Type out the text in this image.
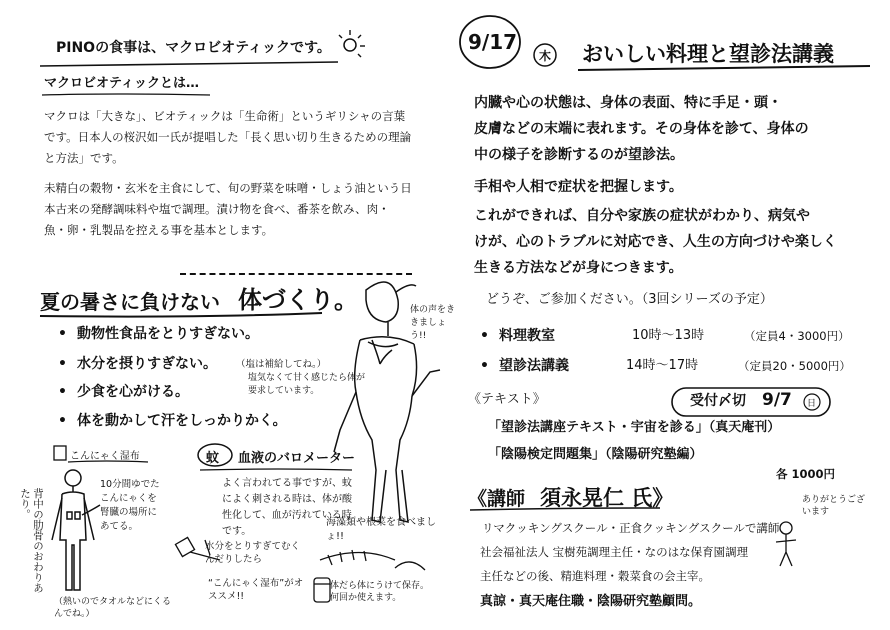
PINOの食事は、マクロビオティックです。
マクロビオティックとは…
マクロは「大きな」、ビオティックは「生命術」というギリシャの言葉です。日本人の桜沢如一氏が提唱した「長く思い切り生きるための理論と方法」です。
未精白の穀物・玄米を主食にして、旬の野菜を味噌・しょう油という日本古来の発酵調味料や塩で調理。漬け物を食べ、番茶を飲み、肉・魚・卵・乳製品を控える事を基本とします。
夏の暑さに負けない 体づくり。
• 動物性食品をとりすぎない。
• 水分を摂りすぎない。 （塩は補給してね。）
• 少食を心がける。
• 体を動かして汗をしっかりかく。
塩気なくて甘く感じたら体が要求しています。
体の声をききましょう!!
こんにゃく湿布
10分間ゆでたこんにゃくを腎臓の場所にあてる。
背中の肋骨のおわりあたり。
（熱いのでタオルなどにくるんでね。）
蚊 血液のバロメーター
よく言われてる事ですが、蚊によく刺される時は、体が酸性化して、血が汚れている時です。
水分をとりすぎてむくんだりしたら
“こんにゃく湿布”がオススメ!!
海藻類や根菜を食べましょ!!
体だら体にうけて保存。何回か使えます。
9/17
木 おいしい料理と望診法講義
内臓や心の状態は、身体の表面、特に手足・頭・
皮膚などの末端に表れます。その身体を診て、身体の
中の様子を診断するのが望診法。
手相や人相で症状を把握します。
これができれば、自分や家族の症状がわかり、病気や
けが、心のトラブルに対応でき、人生の方向づけや楽しく
生きる方法などが身につきます。
どうぞ、ご参加ください。（3回シリーズの予定）
• 料理教室	10時～13時	（定員4・3000円）
• 望診法講義	14時～17時	（定員20・5000円）
受付〆切 9/7 日
《テキスト》
「望診法講座テキスト・宇宙を診る」（真天庵刊）
「陰陽検定問題集」（陰陽研究塾編）
各 1000円
《講師 須永晃仁 氏》	ありがとうございます
リマクッキングスクール・正食クッキングスクールで講師、
社会福祉法人 宝樹苑調理主任・なのはな保育園調理
主任などの後、精進料理・穀菜食の会主宰。
真諒・真天庵住職・陰陽研究塾顧問。
